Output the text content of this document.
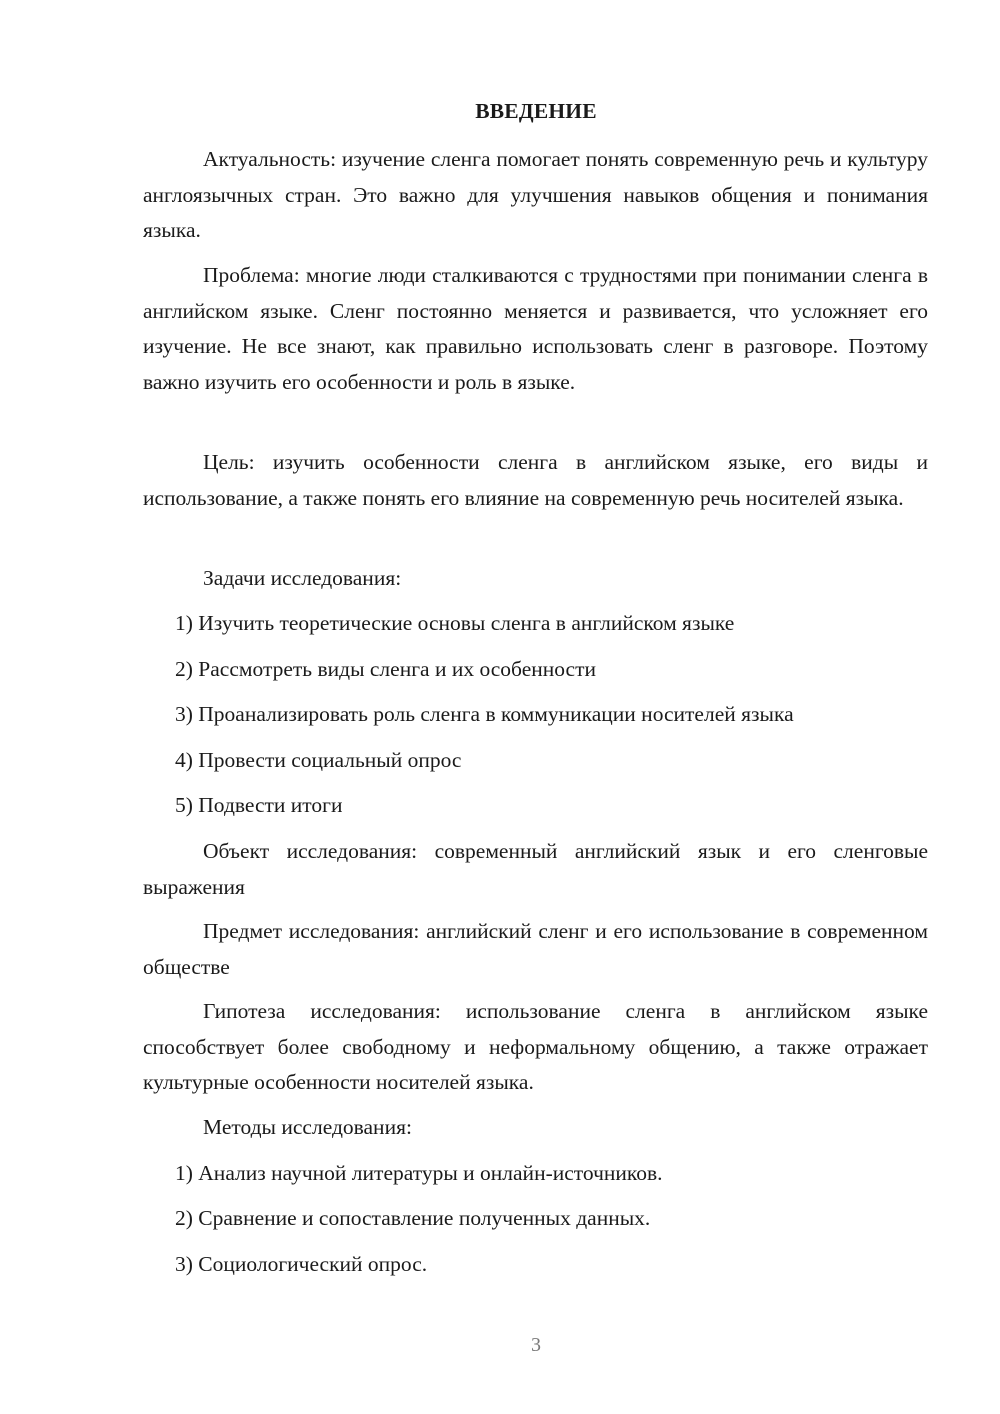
ВВЕДЕНИЕ

Актуальность: изучение сленга помогает понять современную речь и культуру англоязычных стран. Это важно для улучшения навыков общения и понимания языка.

Проблема: многие люди сталкиваются с трудностями при понимании сленга в английском языке. Сленг постоянно меняется и развивается, что усложняет его изучение. Не все знают, как правильно использовать сленг в разговоре. Поэтому важно изучить его особенности и роль в языке.

Цель: изучить особенности сленга в английском языке, его виды и использование, а также понять его влияние на современную речь носителей языка.

Задачи исследования:

1) Изучить теоретические основы сленга в английском языке

2) Рассмотреть виды сленга и их особенности

3) Проанализировать роль сленга в коммуникации носителей языка

4) Провести социальный опрос

5) Подвести итоги

Объект исследования: современный английский язык и его сленговые выражения

Предмет исследования: английский сленг и его использование в современном обществе

Гипотеза исследования: использование сленга в английском языке способствует более свободному и неформальному общению, а также отражает культурные особенности носителей языка.

Методы исследования:

1) Анализ научной литературы и онлайн-источников.

2) Сравнение и сопоставление полученных данных.

3) Социологический опрос.

3
